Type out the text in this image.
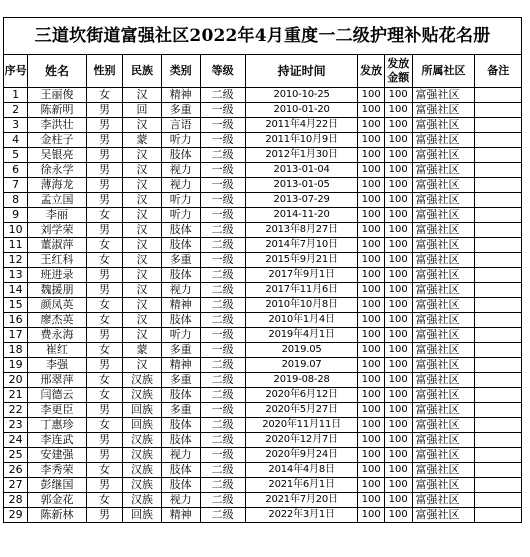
三道坎街道富强社区2022年4月重度一二级护理补贴花名册										
序号	姓名	性别	民族	类别	等级	持证时间	发放	发放金额	所属社区	备注
1	王丽俊	女	汉	精神	二级	2010-10-25	100	100	富强社区	
2	陈新明	男	回	多重	一级	2010-01-20	100	100	富强社区	
3	李洪壮	男	汉	言语	一级	2011年4月22日	100	100	富强社区	
4	金柱子	男	蒙	听力	一级	2011年10月9日	100	100	富强社区	
5	吴银亮	男	汉	肢体	二级	2012年1月30日	100	100	富强社区	
6	徐永学	男	汉	视力	一级	2013-01-04	100	100	富强社区	
7	薄海龙	男	汉	视力	一级	2013-01-05	100	100	富强社区	
8	孟立国	男	汉	听力	一级	2013-07-29	100	100	富强社区	
9	李丽	女	汉	听力	一级	2014-11-20	100	100	富强社区	
10	刘学荣	男	汉	肢体	二级	2013年8月27日	100	100	富强社区	
11	董淑萍	女	汉	肢体	二级	2014年7月10日	100	100	富强社区	
12	王红科	女	汉	多重	一级	2015年9月21日	100	100	富强社区	
13	班进录	男	汉	肢体	二级	2017年9月1日	100	100	富强社区	
14	魏援朋	男	汉	视力	二级	2017年11月6日	100	100	富强社区	
15	颜凤英	女	汉	精神	二级	2010年10月8日	100	100	富强社区	
16	廖杰英	女	汉	肢体	二级	2010年1月4日	100	100	富强社区	
17	费永海	男	汉	听力	一级	2019年4月1日	100	100	富强社区	
18	崔红	女	蒙	多重	一级	2019.05	100	100	富强社区	
19	李强	男	汉	精神	二级	2019.07	100	100	富强社区	
20	邢翠萍	女	汉族	多重	二级	2019-08-28	100	100	富强社区	
21	闫德云	女	汉族	肢体	二级	2020年6月12日	100	100	富强社区	
22	李更臣	男	回族	多重	一级	2020年5月27日	100	100	富强社区	
23	丁惠珍	女	回族	肢体	二级	2020年11月11日	100	100	富强社区	
24	李连武	男	汉族	肢体	二级	2020年12月7日	100	100	富强社区	
25	安建强	男	汉族	视力	一级	2020年9月24日	100	100	富强社区	
26	李秀荣	女	汉族	肢体	二级	2014年4月8日	100	100	富强社区	
27	彭继国	男	汉族	肢体	二级	2021年6月1日	100	100	富强社区	
28	郭金花	女	汉族	视力	二级	2021年7月20日	100	100	富强社区	
29	陈新林	男	回族	精神	二级	2022年3月1日	100	100	富强社区	
